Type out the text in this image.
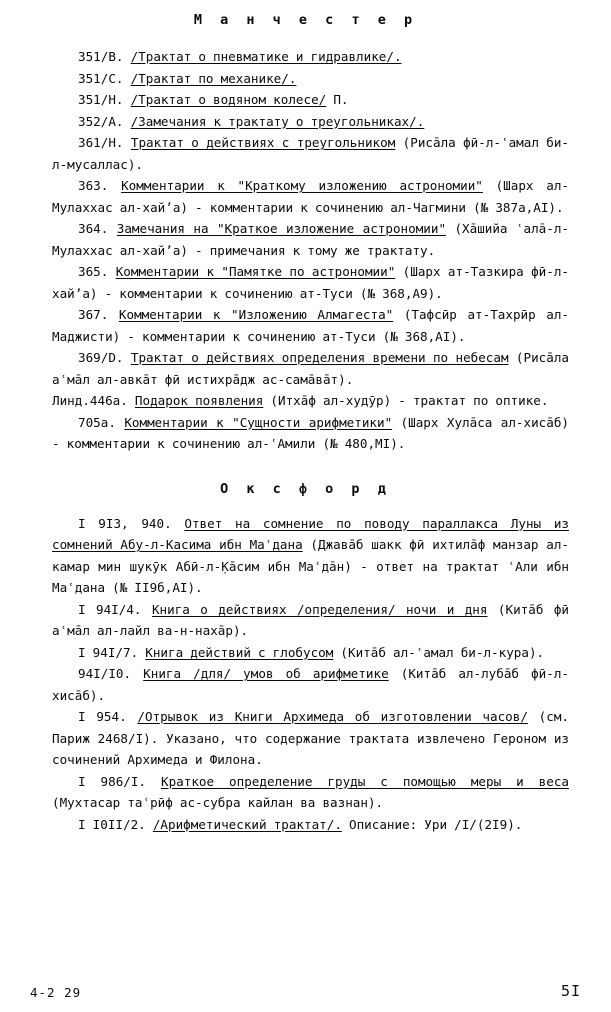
М а н ч е с т е р
351/В. /Трактат о пневматике и гидравлике/.
351/С. /Трактат по механике/.
351/Н. /Трактат о водяном колесе/ П.
352/А. /Замечания к трактату о треугольниках/.
361/Н. Трактат о действиях с треугольником (Рисāла фӣ-л-ʿамал би-л-мусаллас).
363. Комментарии к "Краткому изложению астрономии" (Шарх ал-Мулаххас ал-хайʼа) - комментарии к сочинению ал-Чагмини (№ 387а,АI).
364. Замечания на "Краткое изложение астрономии" (Хāшийа ʿалā-л-Мулаххас ал-хайʼа) - примечания к тому же трактату.
365. Комментарии к "Памятке по астрономии" (Шарх ат-Тазкира фӣ-л-хайʼа) - комментарии к сочинению ат-Туси (№ 368,А9).
367. Комментарии к "Изложению Алмагеста" (Тафсӣр ат-Тахрӣр ал-Маджисти) - комментарии к сочинению ат-Туси (№ 368,АI).
369/D. Трактат о действиях определения времени по небесам (Рисāла аʿмāл ал-авкāт фӣ истихрāдж ас-самāвāт).
Линд.446а. Подарок появления (Итхāф ал-худӯр) - трактат по оптике.
705а. Комментарии к "Сущности арифметики" (Шарх Хулāса ал-хисāб) - комментарии к сочинению ал-ʿАмили (№ 480,МI).
О к с ф о р д
I 9I3, 940. Ответ на сомнение по поводу параллакса Луны из сомнений Абу-л-Касима ибн Маʿдана (Джавāб шакк фӣ ихтилāф манзар ал-камар мин шукӯк Абӣ-л-Ḳāсим ибн Маʿдāн) - ответ на трактат ʿАли ибн Маʿдана (№ II9б,АI).
I 94I/4. Книга о действиях /определения/ ночи и дня (Китāб фӣ аʿмāл ал-лайл ва-н-нахāр).
I 94I/7. Книга действий с глобусом (Китāб ал-ʿамал би-л-кура).
94I/I0. Книга /для/ умов об арифметике (Китāб ал-лубāб фӣ-л-хисāб).
I 954. /Отрывок из Книги Архимеда об изготовлении часов/ (см. Париж 2468/I). Указано, что содержание трактата извлечено Героном из сочинений Архимеда и Филона.
I 986/I. Краткое определение груды с помощью меры и веса (Мухтасар таʿрӣф ас-субра кайлан ва вазнан).
I I0II/2. /Арифметический трактат/. Описание: Ури /I/(2I9).
4-2 29	5I
